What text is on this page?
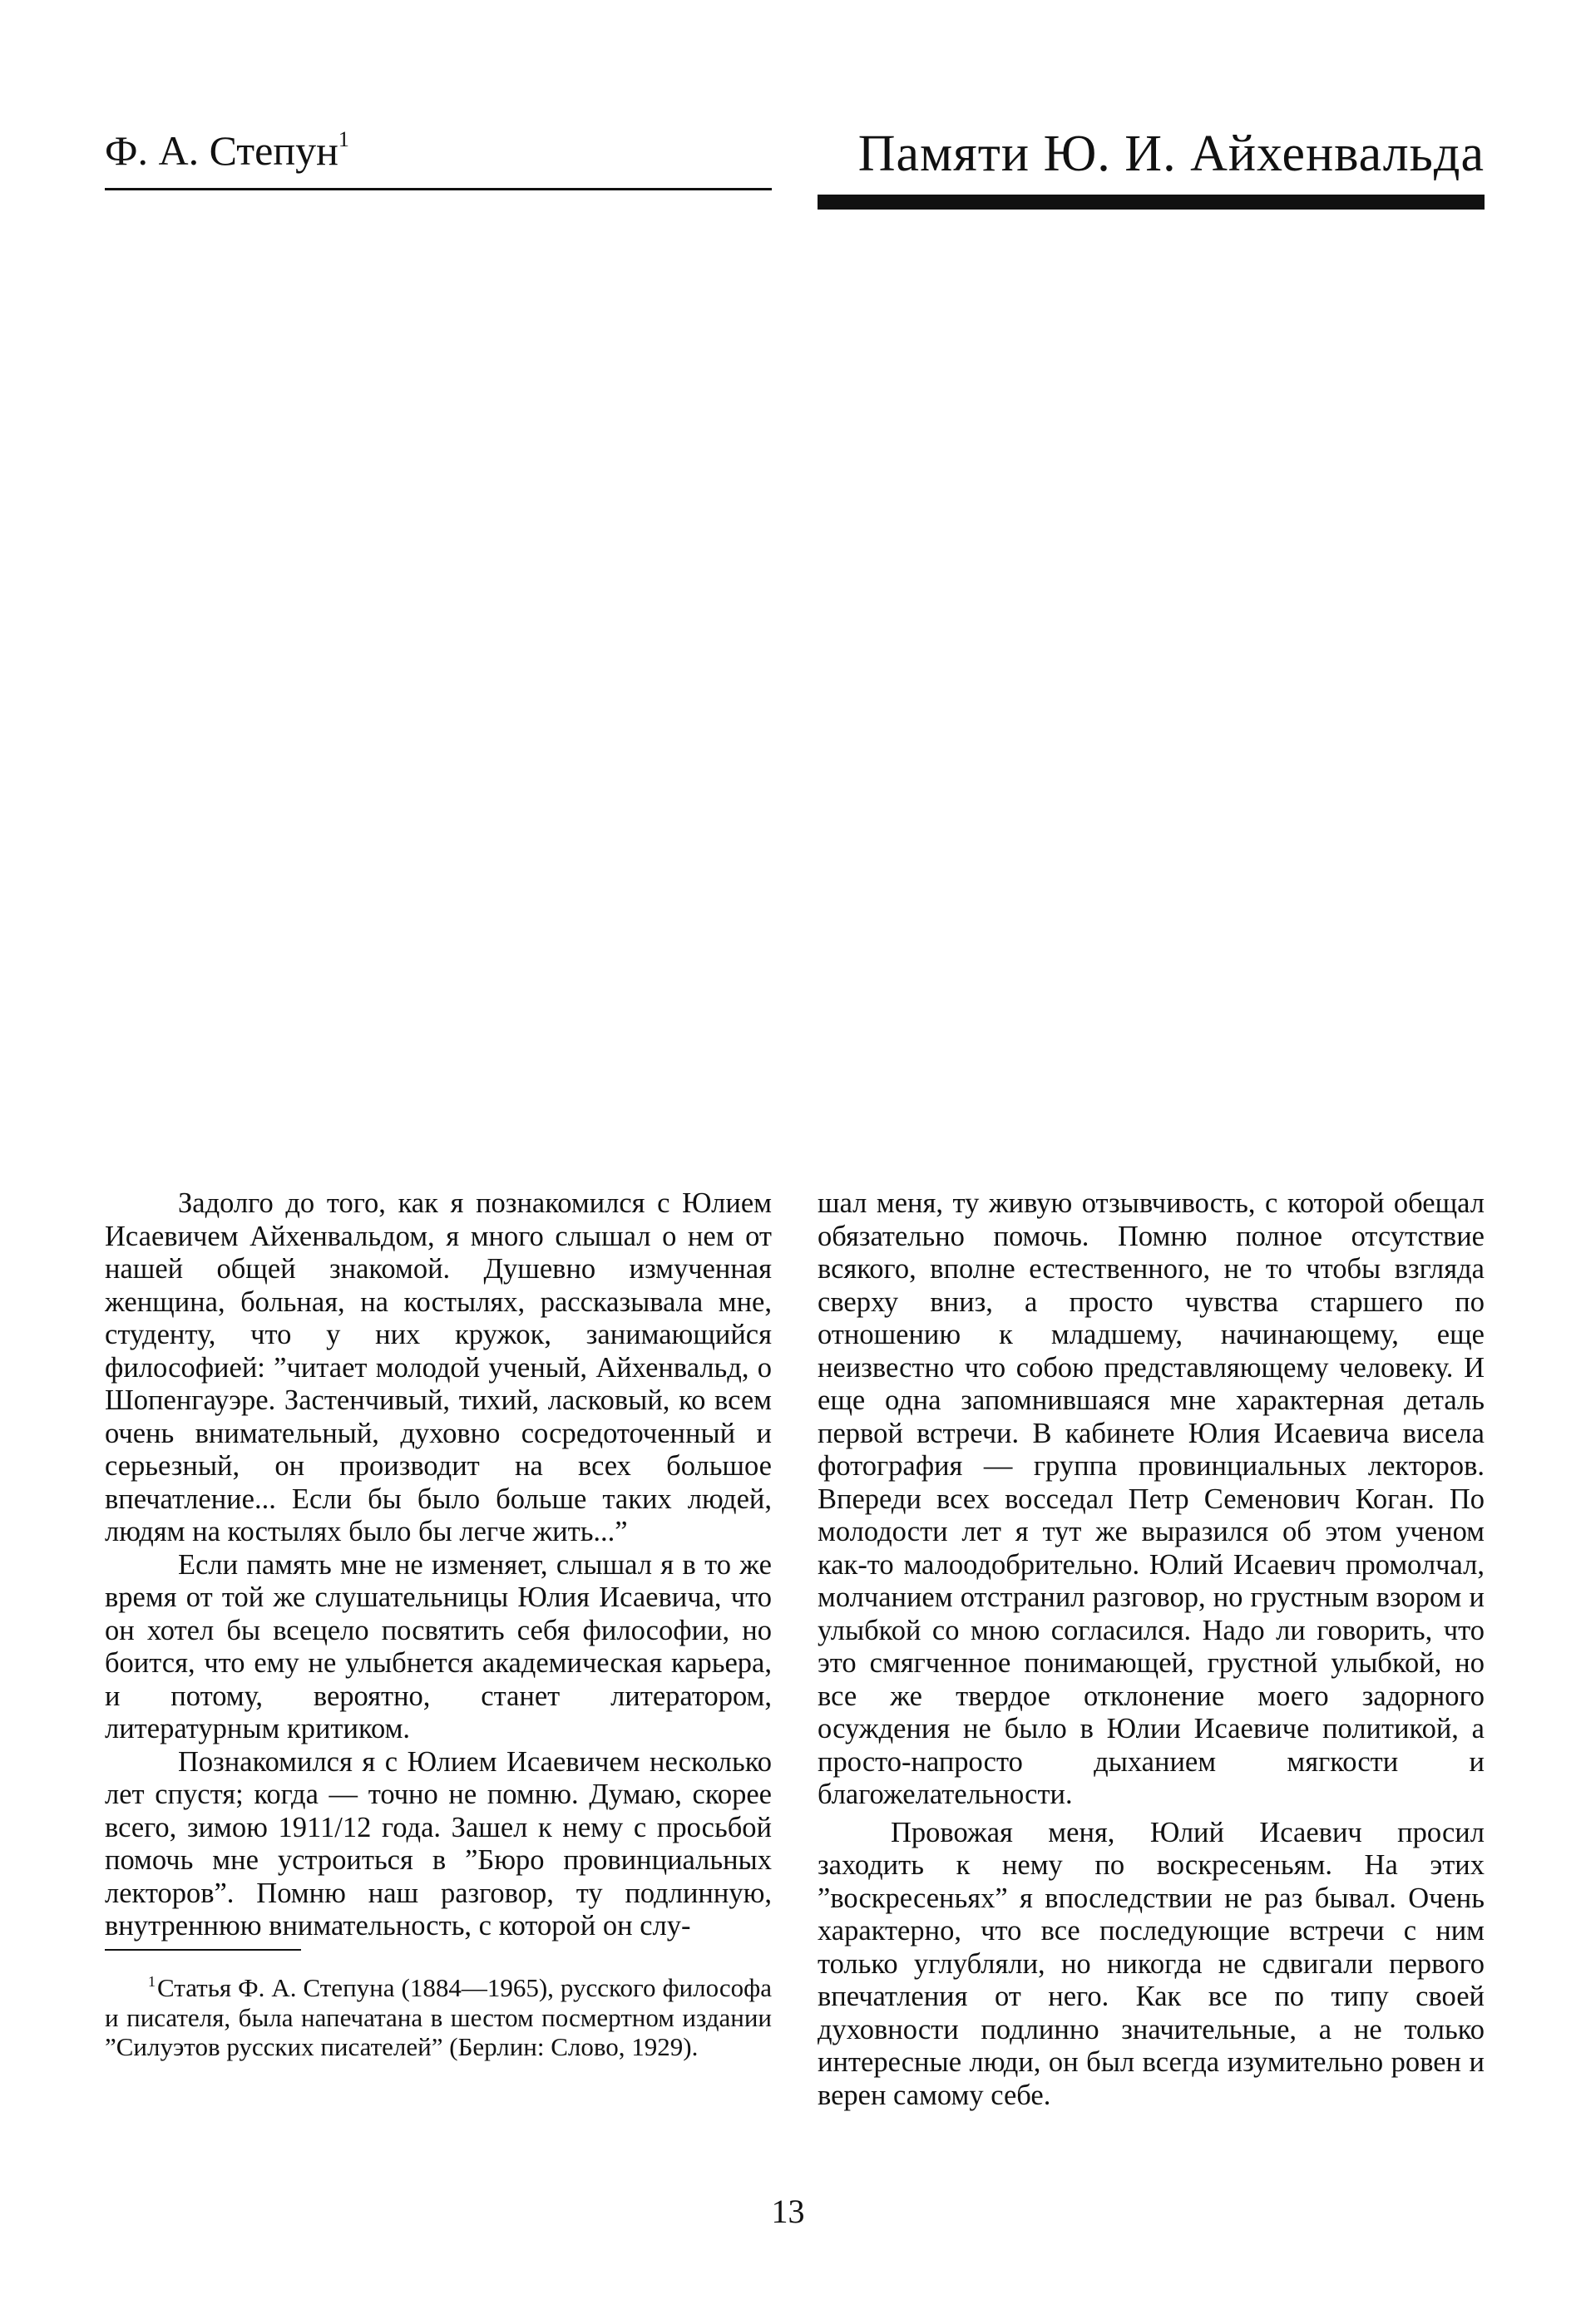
Ф. А. Степун$^1$	Памяти Ю. И. Айхенвальда

Задолго до того, как я познакомился с Юлием Исаевичем Айхенвальдом, я много слышал о нем от нашей общей знакомой. Душевно измученная женщина, больная, на костылях, рассказывала мне, студенту, что у них кружок, занимающийся философией: ”читает молодой ученый, Айхенвальд, о Шопенгауэре. Застенчивый, тихий, ласковый, ко всем очень внимательный, духовно сосредоточенный и серьезный, он производит на всех большое впечатление... Если бы было больше таких людей, людям на костылях было бы легче жить...”

Если память мне не изменяет, слышал я в то же время от той же слушательницы Юлия Исаевича, что он хотел бы всецело посвятить себя философии, но боится, что ему не улыбнется академическая карьера, и потому, вероятно, станет литератором, литературным критиком.

Познакомился я с Юлием Исаевичем несколько лет спустя; когда — точно не помню. Думаю, скорее всего, зимою 1911/12 года. Зашел к нему с просьбой помочь мне устроиться в ”Бюро провинциальных лекторов”. Помню наш разговор, ту подлинную, внутреннюю внимательность, с которой он слу-

шал меня, ту живую отзывчивость, с которой обещал обязательно помочь. Помню полное отсутствие всякого, вполне естественного, не то чтобы взгляда сверху вниз, а просто чувства старшего по отношению к младшему, начинающему, еще неизвестно что собою представляющему человеку. И еще одна запомнившаяся мне характерная деталь первой встречи. В кабинете Юлия Исаевича висела фотография — группа провинциальных лекторов. Впереди всех восседал Петр Семенович Коган. По молодости лет я тут же выразился об этом ученом как-то малоодобрительно. Юлий Исаевич промолчал, молчанием отстранил разговор, но грустным взором и улыбкой со мною согласился. Надо ли говорить, что это смягченное понимающей, грустной улыбкой, но все же твердое отклонение моего задорного осуждения не было в Юлии Исаевиче политикой, а просто-напросто дыханием мягкости и благожелательности.

Провожая меня, Юлий Исаевич просил заходить к нему по воскресеньям. На этих ”воскресеньях” я впоследствии не раз бывал. Очень характерно, что все последующие встречи с ним только углубляли, но никогда не сдвигали первого впечатления от него. Как все по типу своей духовности подлинно значительные, а не только интересные люди, он был всегда изумительно ровен и верен самому себе.

$^1$Статья Ф. А. Степуна (1884—1965), русского философа и писателя, была напечатана в шестом посмертном издании ”Силуэтов русских писателей” (Берлин: Слово, 1929).

13
